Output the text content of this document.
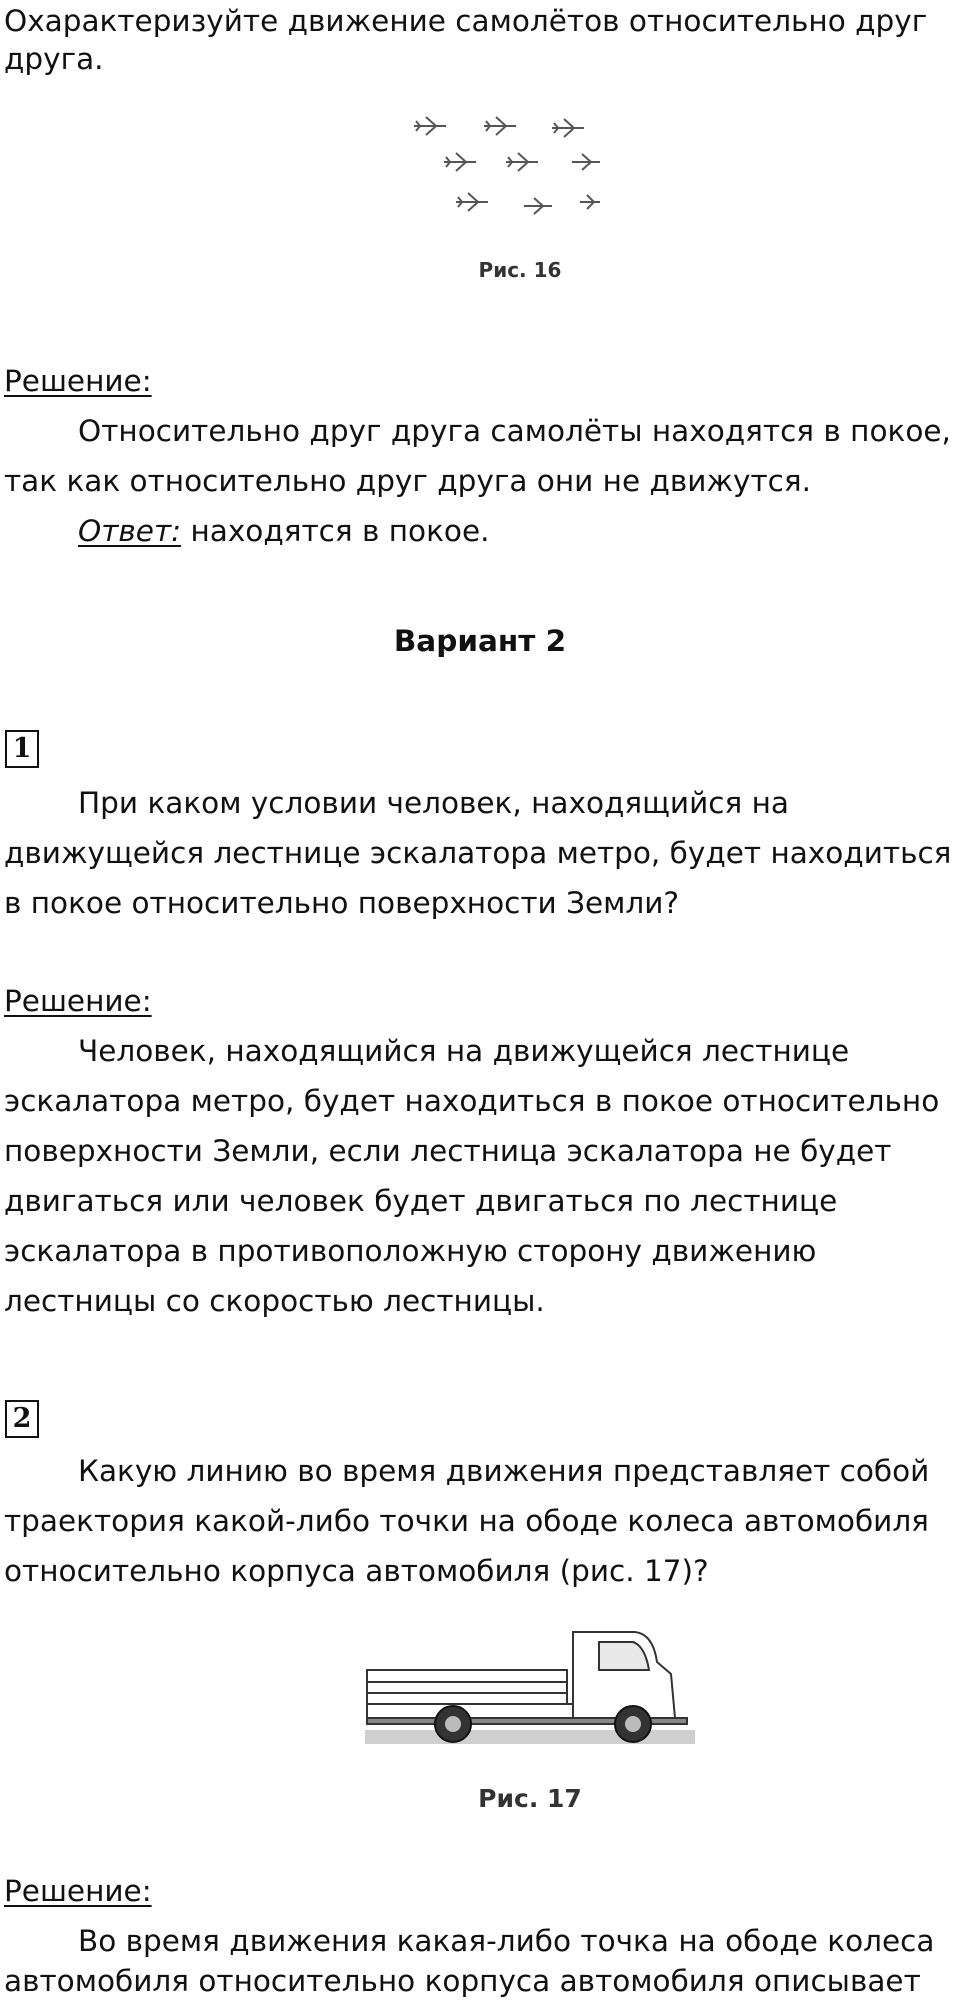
Охарактеризуйте движение самолётов относительно друг
друга.
Рис. 16
Решение:
Относительно друг друга самолёты находятся в покое,
так как относительно друг друга они не движутся.
Ответ: находятся в покое.
Вариант 2
1
При каком условии человек, находящийся на
движущейся лестнице эскалатора метро, будет находиться
в покое относительно поверхности Земли?
Решение:
Человек, находящийся на движущейся лестнице
эскалатора метро, будет находиться в покое относительно
поверхности Земли, если лестница эскалатора не будет
двигаться или человек будет двигаться по лестнице
эскалатора в противоположную сторону движению
лестницы со скоростью лестницы.
2
Какую линию во время движения представляет собой
траектория какой-либо точки на ободе колеса автомобиля
относительно корпуса автомобиля (рис. 17)?
Рис. 17
Решение:
Во время движения какая-либо точка на ободе колеса
автомобиля относительно корпуса автомобиля описывает
